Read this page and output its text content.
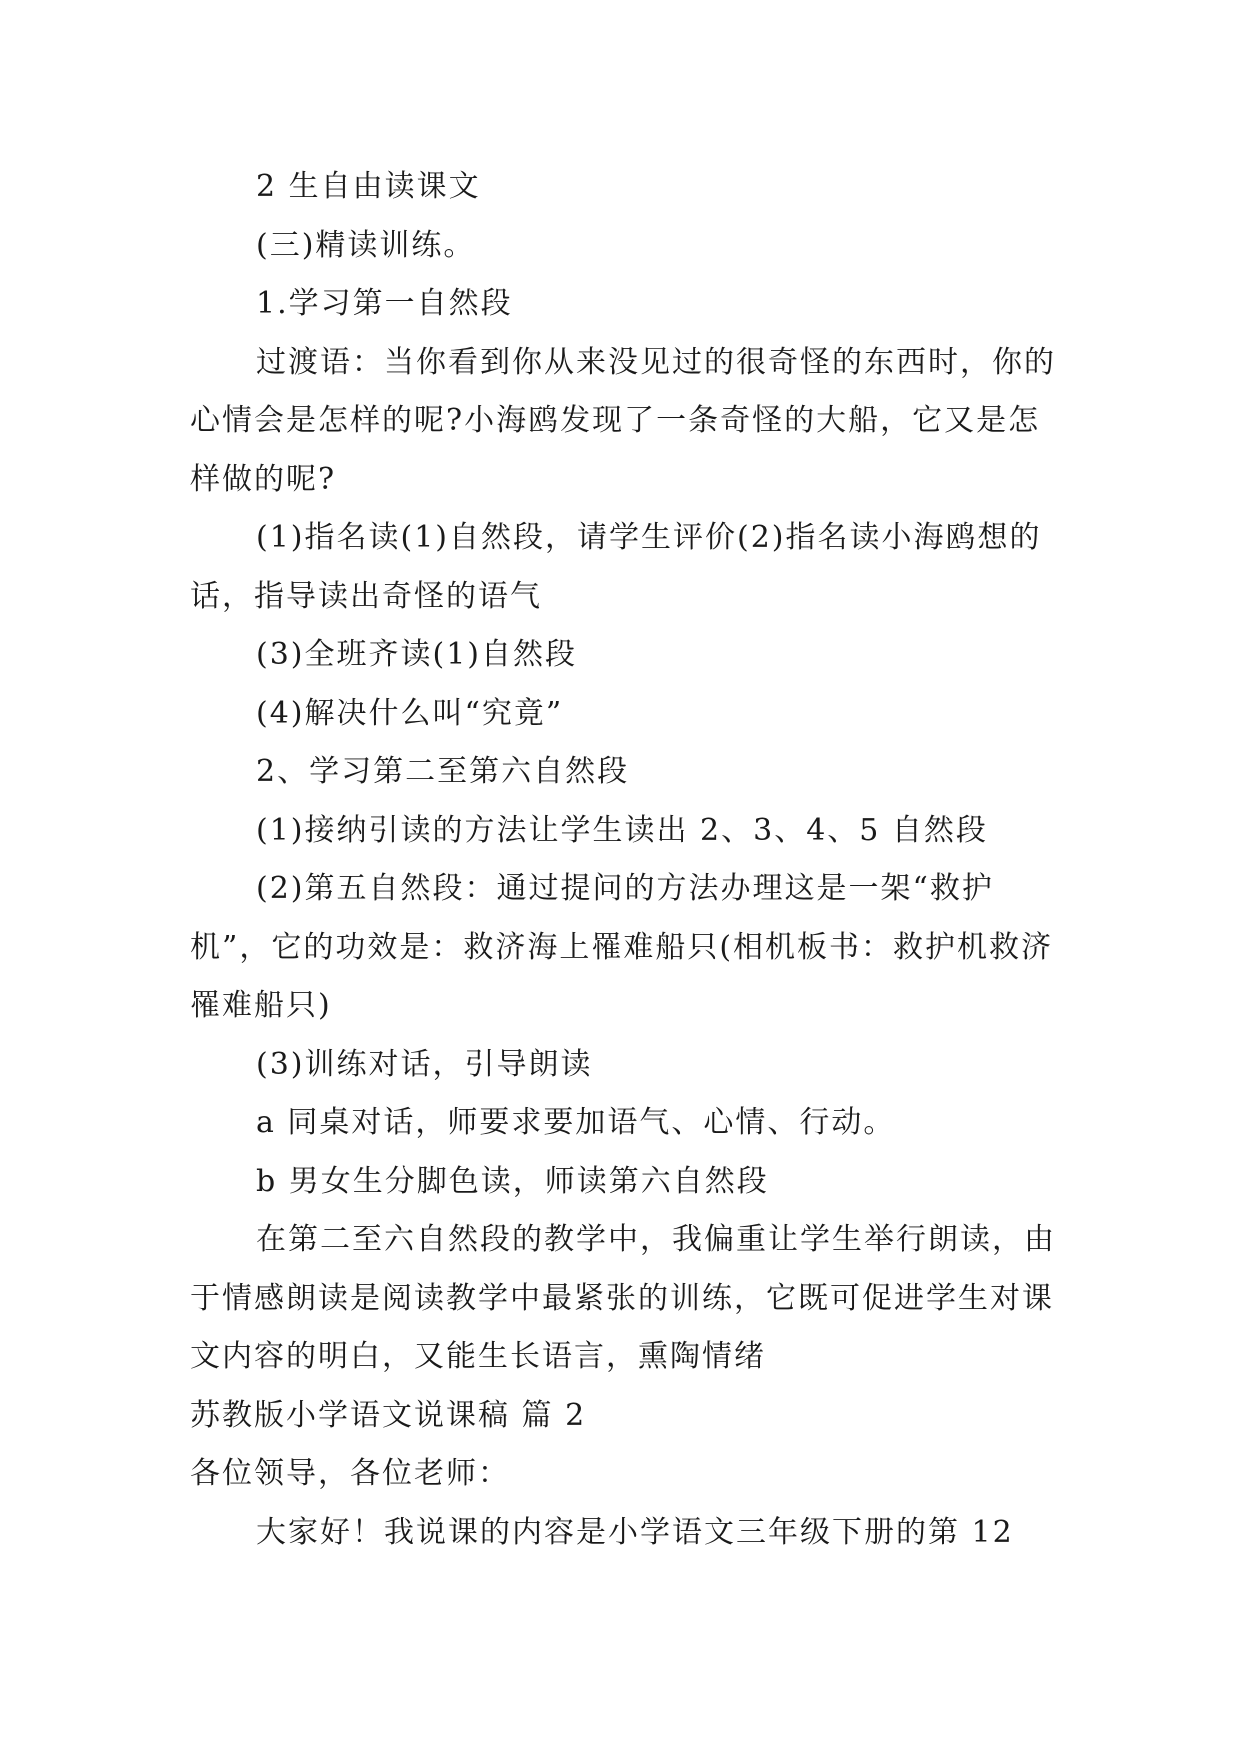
2 生自由读课文

(三)精读训练。

1.学习第一自然段

过渡语：当你看到你从来没见过的很奇怪的东西时，你的心情会是怎样的呢?小海鸥发现了一条奇怪的大船，它又是怎样做的呢?

(1)指名读(1)自然段，请学生评价(2)指名读小海鸥想的话，指导读出奇怪的语气

(3)全班齐读(1)自然段

(4)解决什么叫“究竟”

2、学习第二至第六自然段

(1)接纳引读的方法让学生读出 2、3、4、5 自然段

(2)第五自然段：通过提问的方法办理这是一架“救护机”，它的功效是：救济海上罹难船只(相机板书：救护机救济罹难船只)

(3)训练对话，引导朗读

a 同桌对话，师要求要加语气、心情、行动。

b 男女生分脚色读，师读第六自然段

在第二至六自然段的教学中，我偏重让学生举行朗读，由于情感朗读是阅读教学中最紧张的训练，它既可促进学生对课文内容的明白，又能生长语言，熏陶情绪

苏教版小学语文说课稿 篇 2

各位领导，各位老师：

大家好！我说课的内容是小学语文三年级下册的第 12
